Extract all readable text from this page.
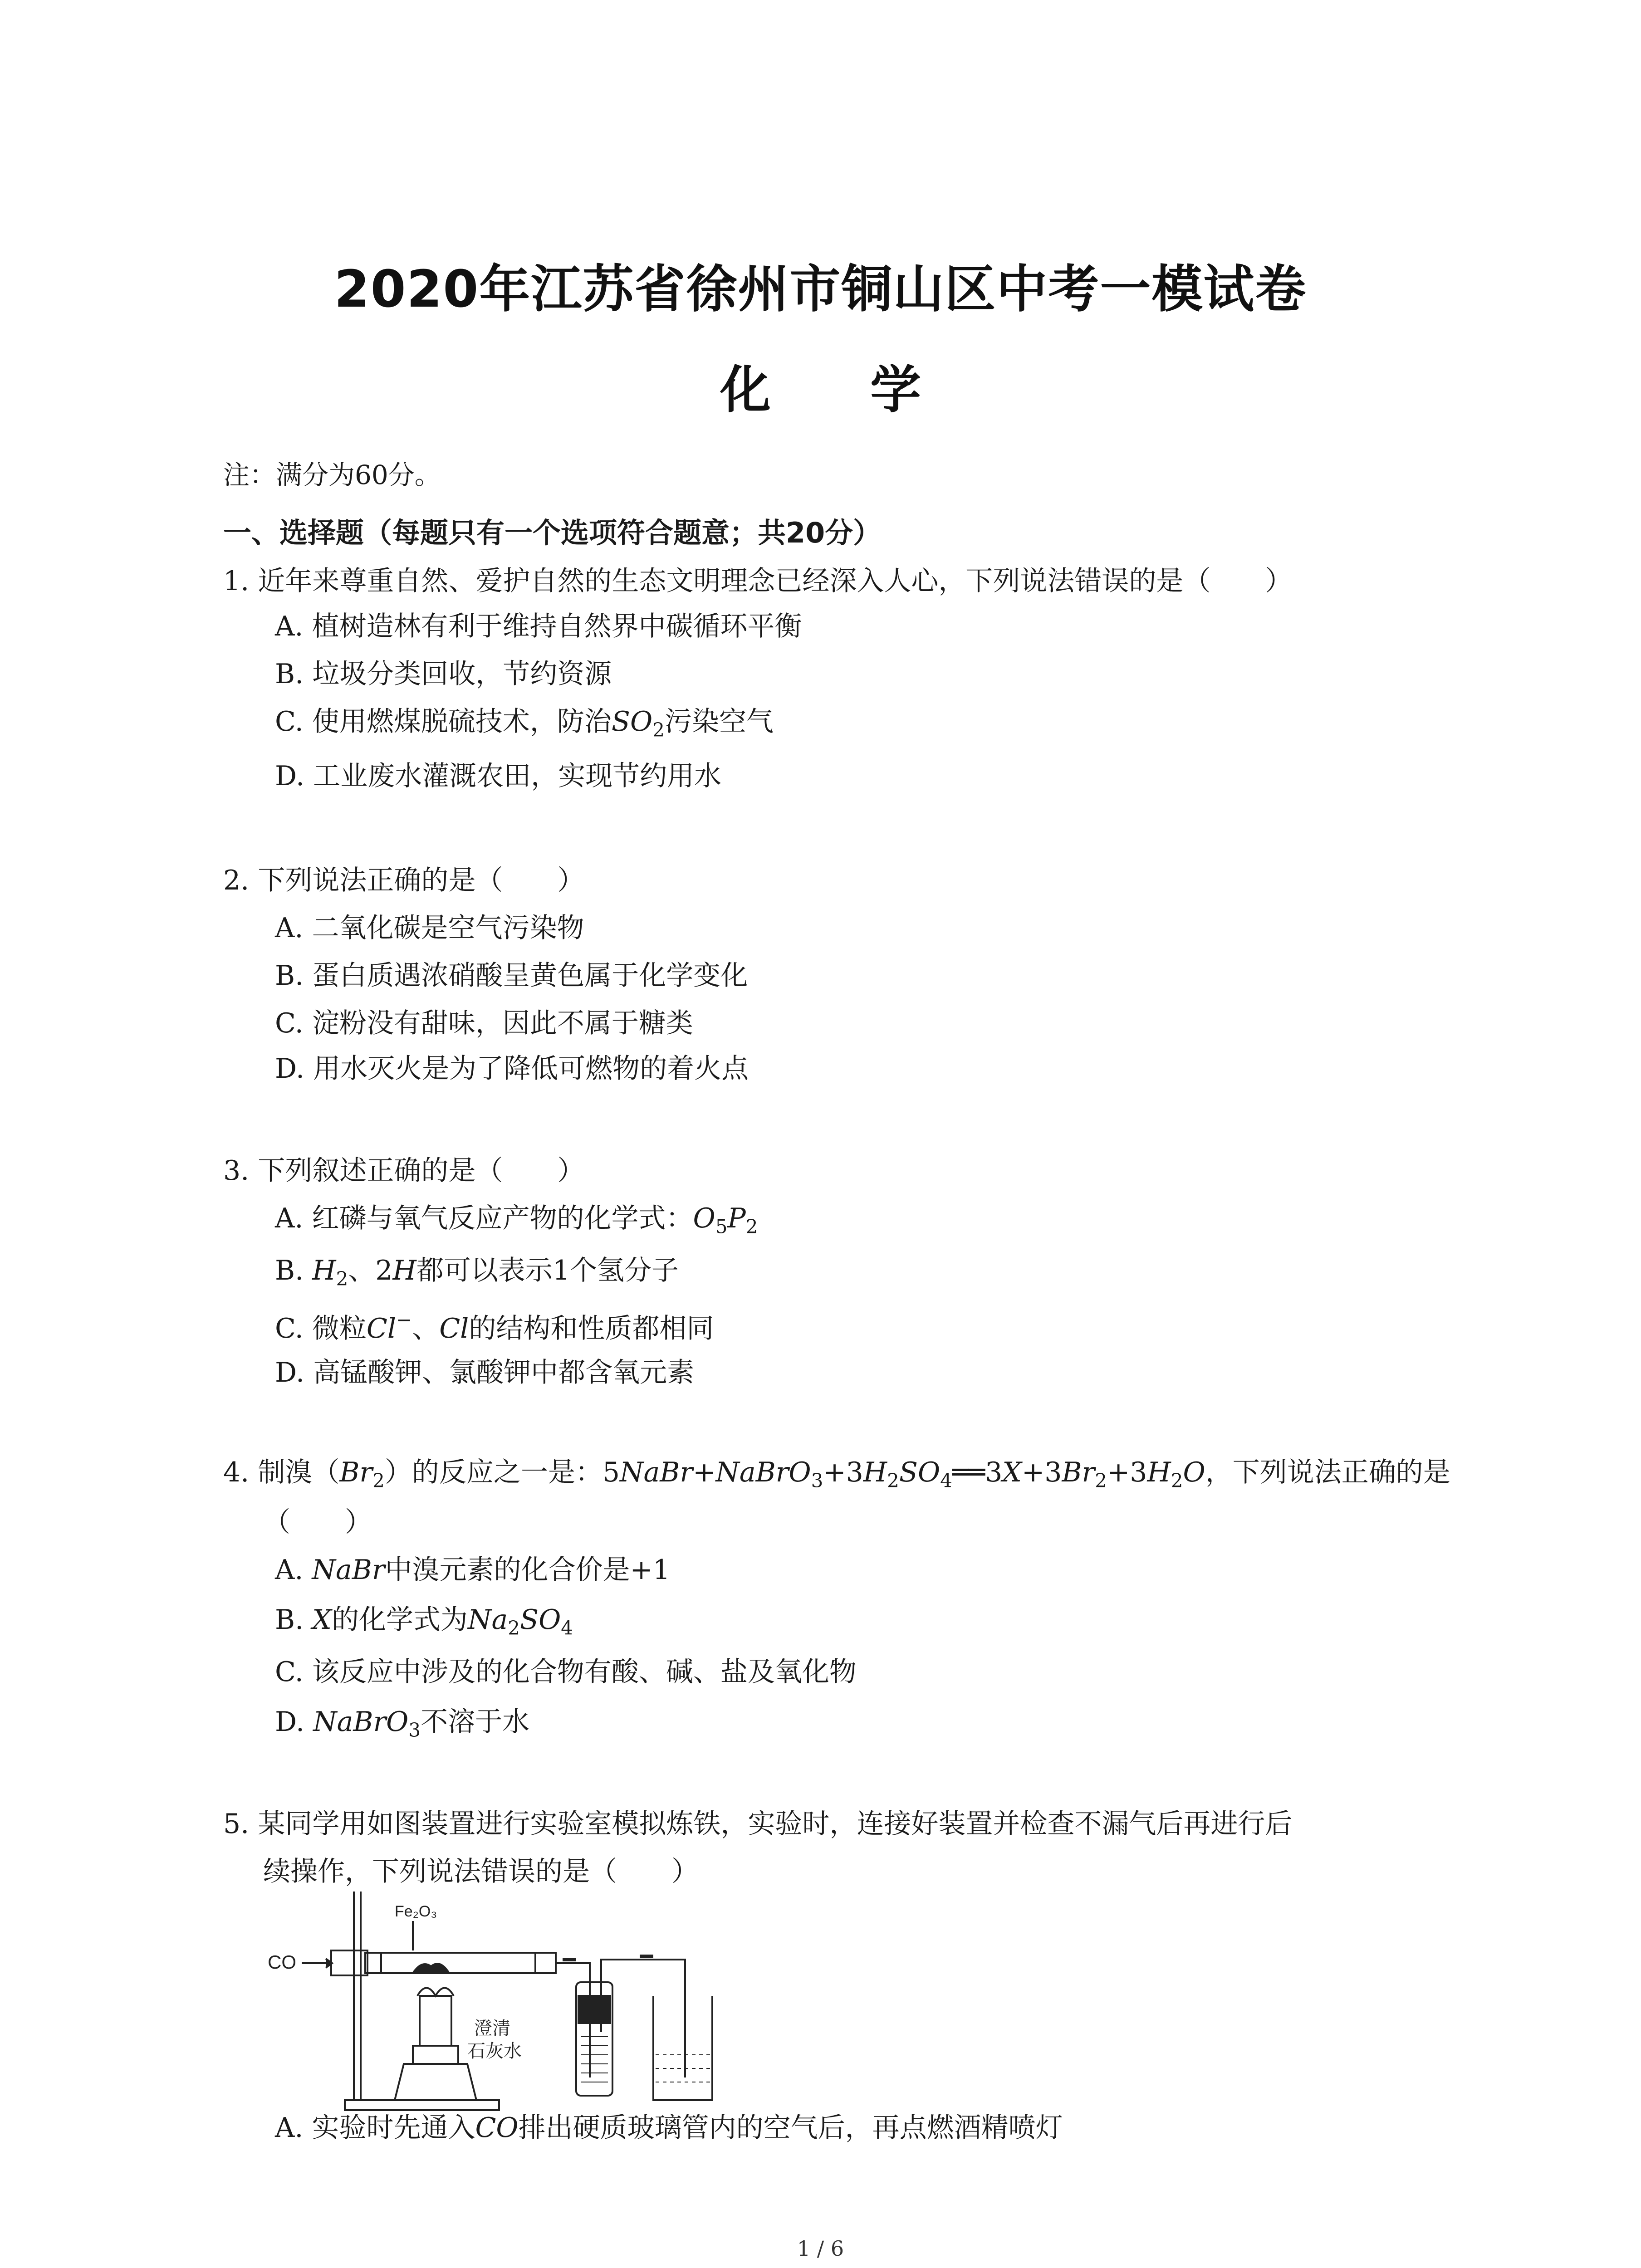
2020年江苏省徐州市铜山区中考一模试卷
化 学
注：满分为60分。
一、选择题（每题只有一个选项符合题意；共20分）
1. 近年来尊重自然、爱护自然的生态文明理念已经深入人心，下列说法错误的是（　　）
A. 植树造林有利于维持自然界中碳循环平衡
B. 垃圾分类回收，节约资源
C. 使用燃煤脱硫技术，防治$SO_2$污染空气
D. 工业废水灌溉农田，实现节约用水
2. 下列说法正确的是（　　）
A. 二氧化碳是空气污染物
B. 蛋白质遇浓硝酸呈黄色属于化学变化
C. 淀粉没有甜味，因此不属于糖类
D. 用水灭火是为了降低可燃物的着火点
3. 下列叙述正确的是（　　）
A. 红磷与氧气反应产物的化学式：$O_5P_2$
B. $H_2$、2H都可以表示1个氢分子
C. 微粒Cl−、Cl的结构和性质都相同
D. 高锰酸钾、氯酸钾中都含氧元素
4. 制溴$(Br_2)$的反应之一是：$5NaBr+NaBrO_3+3H_2SO_4══3X+3Br_2+3H_2O$，下列说法正确的是
（　　）
A. NaBr中溴元素的化合价是+1
B. X的化学式为$Na_2SO_4$
C. 该反应中涉及的化合物有酸、碱、盐及氧化物
D. NaBrO$_3$不溶于水
5. 某同学用如图装置进行实验室模拟炼铁，实验时，连接好装置并检查不漏气后再进行后
续操作，下列说法错误的是（　　）
CO
Fe₂O₃
澄清
石灰水
A. 实验时先通入CO排出硬质玻璃管内的空气后，再点燃酒精喷灯
1 / 6
